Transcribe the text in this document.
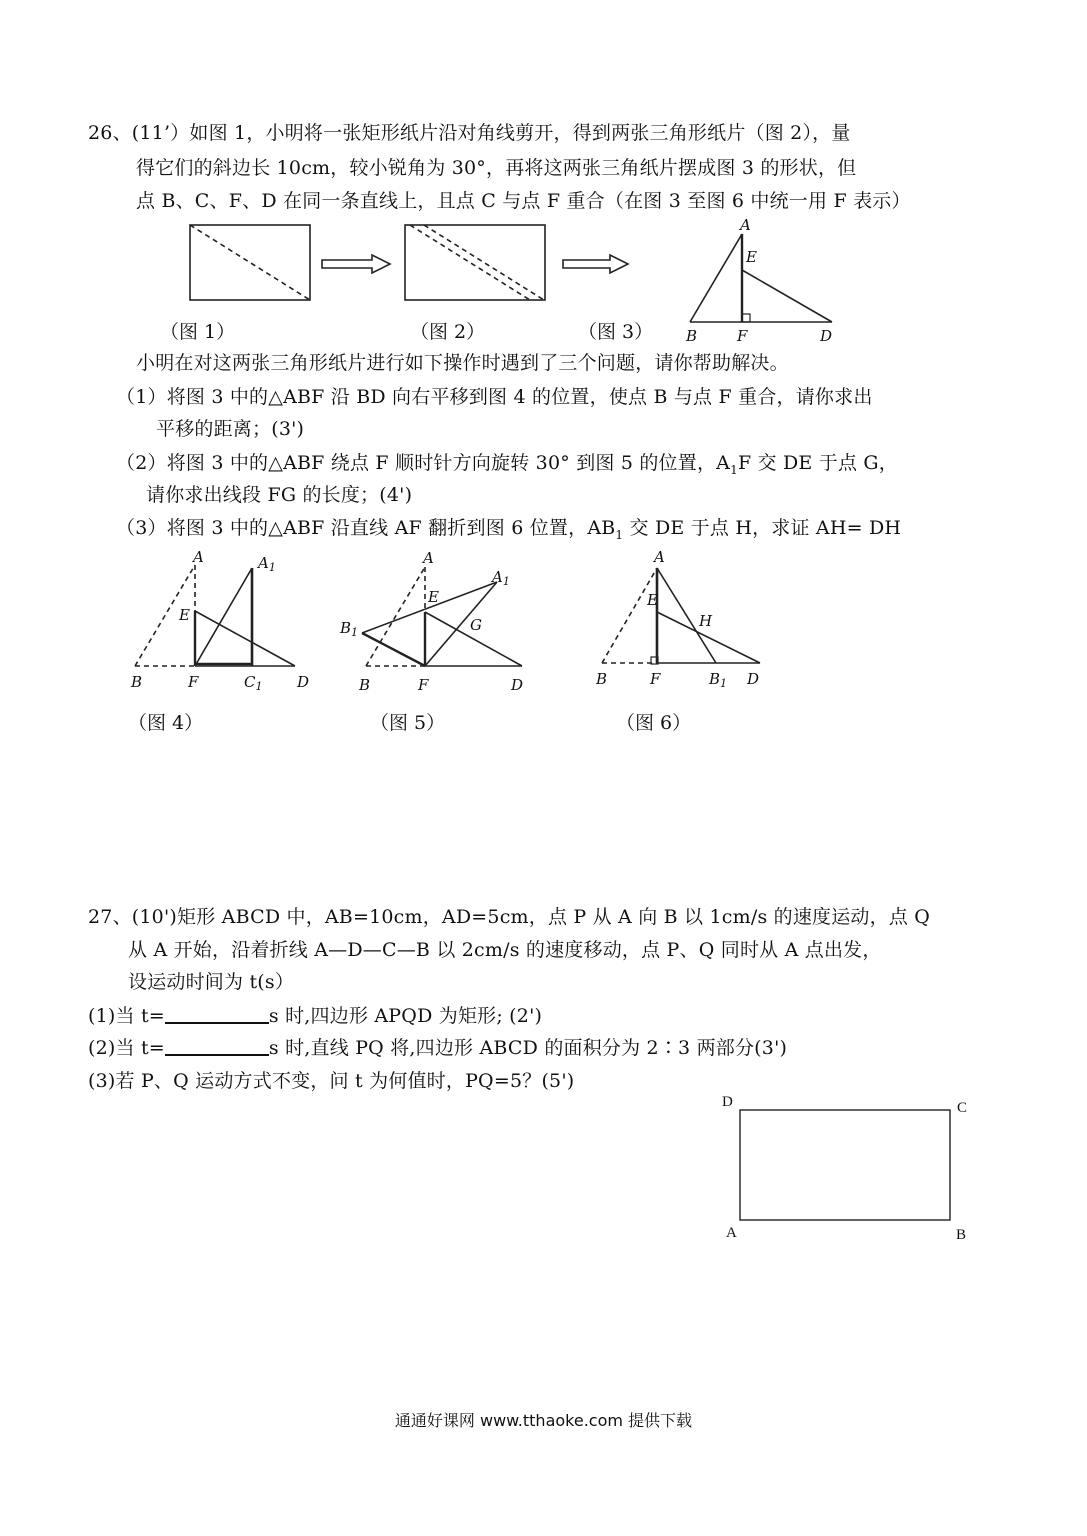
26、(11’）如图 1，小明将一张矩形纸片沿对角线剪开，得到两张三角形纸片（图 2），量
得它们的斜边长 10cm，较小锐角为 30°，再将这两张三角纸片摆成图 3 的形状，但
点 B、C、F、D 在同一条直线上，且点 C 与点 F 重合（在图 3 至图 6 中统一用 F 表示）
（图 1）	（图 2）	（图 3）
小明在对这两张三角形纸片进行如下操作时遇到了三个问题，请你帮助解决。
（1）将图 3 中的△ABF 沿 BD 向右平移到图 4 的位置，使点 B 与点 F 重合，请你求出
平移的距离；(3')
（2）将图 3 中的△ABF 绕点 F 顺时针方向旋转 30° 到图 5 的位置，$A_1F$ 交 DE 于点 G，
请你求出线段 FG 的长度；(4')
（3）将图 3 中的△ABF 沿直线 AF 翻折到图 6 位置，$AB_1$ 交 DE 于点 H，求证 AH= DH
（图 4）	（图 5）	（图 6）
27、(10')矩形 ABCD 中，AB=10cm，AD=5cm，点 P 从 A 向 B 以 1cm/s 的速度运动，点 Q
从 A 开始，沿着折线 A—D—C—B 以 2cm/s 的速度移动，点 P、Q 同时从 A 点出发，
设运动时间为 t(s）
(1)当 t=	s 时,四边形 APQD 为矩形; (2')
(2)当 t=	s 时,直线 PQ 将,四边形 ABCD 的面积分为 2∶3 两部分(3')
(3)若 P、Q 运动方式不变，问 t 为何值时，PQ=5？(5')
通通好课网 www.tthaoke.com 提供下载
A
E
B	F	D
A	$A_1$
E
B	F	$C_1$ D
A
$A_1$
E
G
$B_1$
B	F	D
A
E
H
B	F	$B_1$ D
D	C
A	B
